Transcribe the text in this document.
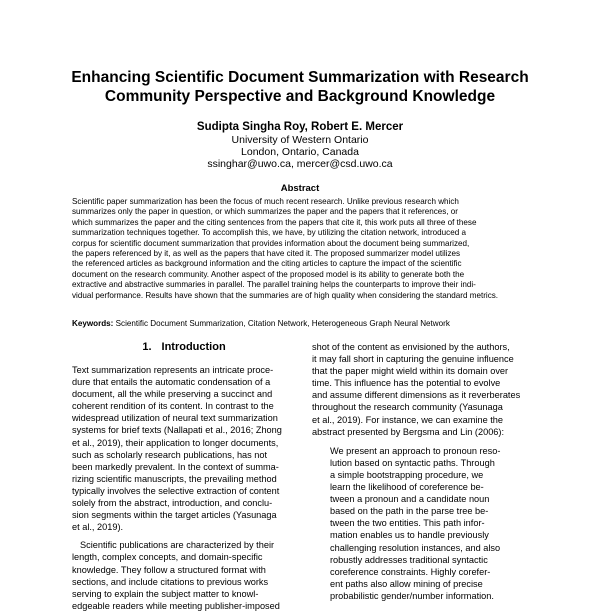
Enhancing Scientific Document Summarization with Research
Community Perspective and Background Knowledge
Sudipta Singha Roy, Robert E. Mercer
University of Western Ontario
London, Ontario, Canada
ssinghar@uwo.ca, mercer@csd.uwo.ca
Abstract
Scientific paper summarization has been the focus of much recent research. Unlike previous research which
summarizes only the paper in question, or which summarizes the paper and the papers that it references, or
which summarizes the paper and the citing sentences from the papers that cite it, this work puts all three of these
summarization techniques together. To accomplish this, we have, by utilizing the citation network, introduced a
corpus for scientific document summarization that provides information about the document being summarized,
the papers referenced by it, as well as the papers that have cited it. The proposed summarizer model utilizes
the referenced articles as background information and the citing articles to capture the impact of the scientific
document on the research community. Another aspect of the proposed model is its ability to generate both the
extractive and abstractive summaries in parallel. The parallel training helps the counterparts to improve their indi-
vidual performance. Results have shown that the summaries are of high quality when considering the standard metrics.
Keywords: Scientific Document Summarization, Citation Network, Heterogeneous Graph Neural Network
1. Introduction
Text summarization represents an intricate proce-
dure that entails the automatic condensation of a
document, all the while preserving a succinct and
coherent rendition of its content. In contrast to the
widespread utilization of neural text summarization
systems for brief texts (Nallapati et al., 2016; Zhong
et al., 2019), their application to longer documents,
such as scholarly research publications, has not
been markedly prevalent. In the context of summa-
rizing scientific manuscripts, the prevailing method
typically involves the selective extraction of content
solely from the abstract, introduction, and conclu-
sion segments within the target articles (Yasunaga
et al., 2019).
Scientific publications are characterized by their
length, complex concepts, and domain-specific
knowledge. They follow a structured format with
sections, and include citations to previous works
serving to explain the subject matter to knowl-
edgeable readers while meeting publisher-imposed
shot of the content as envisioned by the authors,
it may fall short in capturing the genuine influence
that the paper might wield within its domain over
time. This influence has the potential to evolve
and assume different dimensions as it reverberates
throughout the research community (Yasunaga
et al., 2019). For instance, we can examine the
abstract presented by Bergsma and Lin (2006):
We present an approach to pronoun reso-
lution based on syntactic paths. Through
a simple bootstrapping procedure, we
learn the likelihood of coreference be-
tween a pronoun and a candidate noun
based on the path in the parse tree be-
tween the two entities. This path infor-
mation enables us to handle previously
challenging resolution instances, and also
robustly addresses traditional syntactic
coreference constraints. Highly corefer-
ent paths also allow mining of precise
probabilistic gender/number information.
